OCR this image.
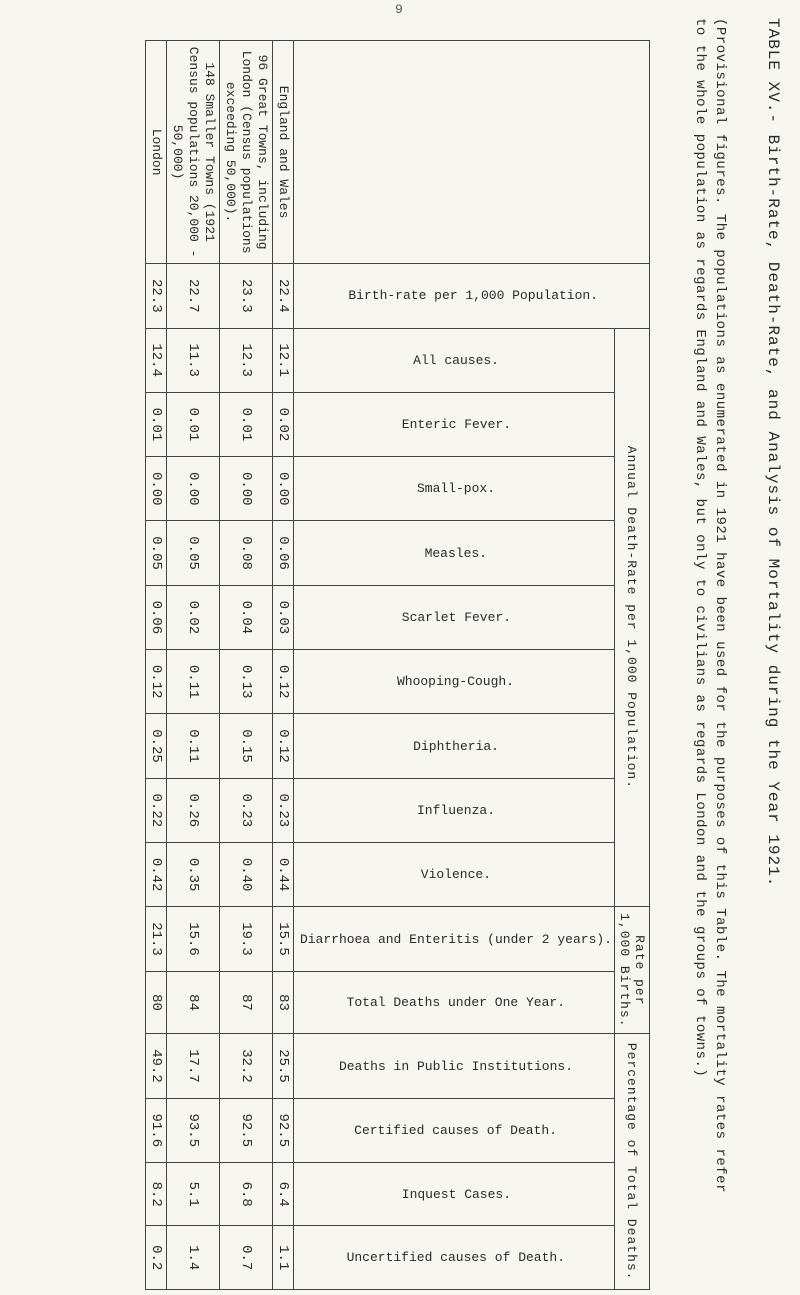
9
TABLE XV.- Birth-Rate, Death-Rate, and Analysis of Mortality during the Year 1921.
(Provisional figures. The populations as enumerated in 1921 have been used for the purposes of this Table. The mortality rates refer to the whole population as regards England and Wales, but only to civilians as regards London and the groups of towns.)
	Birth-rate per 1,000 Population.	Annual Death-Rate per 1,000 Population.									Rate per 1,000 Births.		Percentage of Total Deaths.			
		All causes.	Enteric Fever.	Small-pox.	Measles.	Scarlet Fever.	Whooping-Cough.	Diphtheria.	Influenza.	Violence.	Diarrhoea and Enteritis (under 2 years).	Total Deaths under One Year.	Deaths in Public Institutions.	Certified causes of Death.	Inquest Cases.	Uncertified causes of Death.
England and Wales	22.4	12.1	0.02	0.00	0.06	0.03	0.12	0.12	0.23	0.44	15.5	83	25.5	92.5	6.4	1.1
96 Great Towns, including London (Census populations exceeding 50,000).	23.3	12.3	0.01	0.00	0.08	0.04	0.13	0.15	0.23	0.40	19.3	87	32.2	92.5	6.8	0.7
148 Smaller Towns (1921 Census populations 20,000 - 50,000)	22.7	11.3	0.01	0.00	0.05	0.02	0.11	0.11	0.26	0.35	15.6	84	17.7	93.5	5.1	1.4
London	22.3	12.4	0.01	0.00	0.05	0.06	0.12	0.25	0.22	0.42	21.3	80	49.2	91.6	8.2	0.2
